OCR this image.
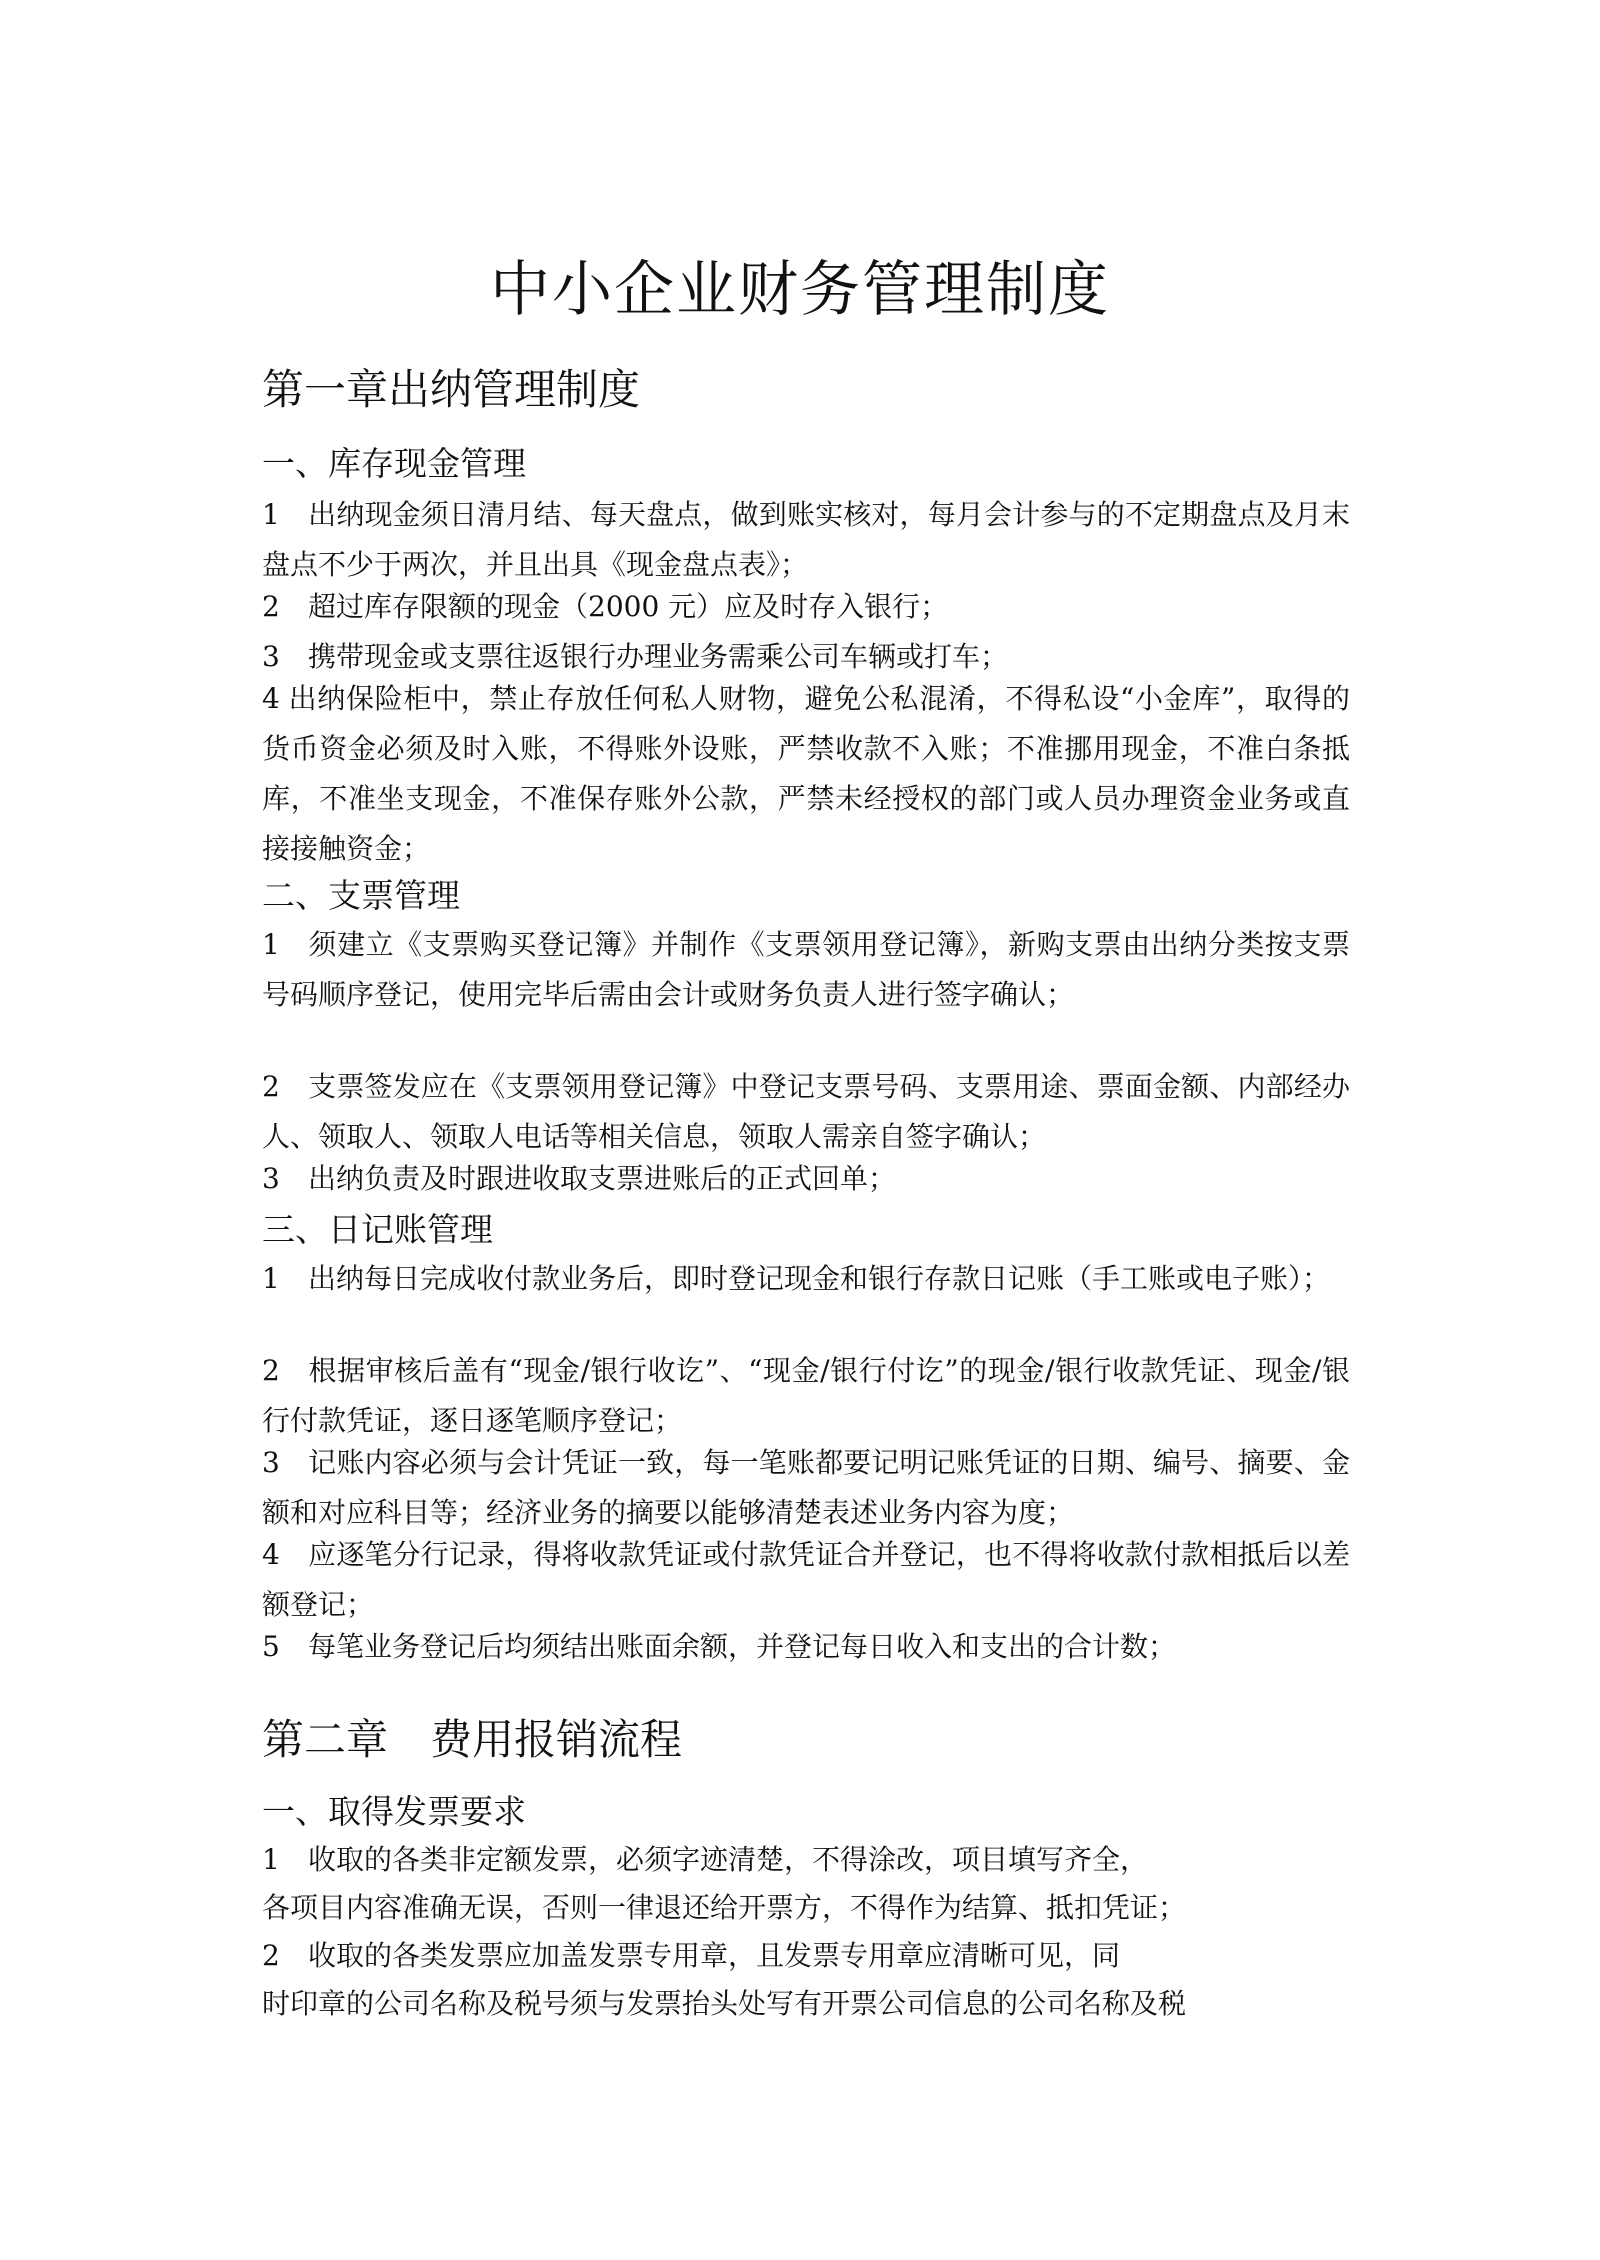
中小企业财务管理制度
第一章出纳管理制度
一、库存现金管理
1 出纳现金须日清月结、每天盘点，做到账实核对，每月会计参与的不定期盘点及月末盘点不少于两次，并且出具《现金盘点表》；
2 超过库存限额的现金（2000 元）应及时存入银行；
3 携带现金或支票往返银行办理业务需乘公司车辆或打车；
4 出纳保险柜中，禁止存放任何私人财物，避免公私混淆，不得私设“小金库”，取得的货币资金必须及时入账，不得账外设账，严禁收款不入账；不准挪用现金，不准白条抵库，不准坐支现金，不准保存账外公款，严禁未经授权的部门或人员办理资金业务或直接接触资金；
二、支票管理
1 须建立《支票购买登记簿》并制作《支票领用登记簿》，新购支票由出纳分类按支票号码顺序登记，使用完毕后需由会计或财务负责人进行签字确认；
2 支票签发应在《支票领用登记簿》中登记支票号码、支票用途、票面金额、内部经办人、领取人、领取人电话等相关信息，领取人需亲自签字确认；
3 出纳负责及时跟进收取支票进账后的正式回单；
三、日记账管理
1 出纳每日完成收付款业务后，即时登记现金和银行存款日记账（手工账或电子账）；
2 根据审核后盖有“现金/银行收讫”、“现金/银行付讫”的现金/银行收款凭证、现金/银行付款凭证，逐日逐笔顺序登记；
3 记账内容必须与会计凭证一致，每一笔账都要记明记账凭证的日期、编号、摘要、金额和对应科目等；经济业务的摘要以能够清楚表述业务内容为度；
4 应逐笔分行记录，得将收款凭证或付款凭证合并登记，也不得将收款付款相抵后以差额登记；
5 每笔业务登记后均须结出账面余额，并登记每日收入和支出的合计数；
第二章 费用报销流程
一、取得发票要求
1 收取的各类非定额发票，必须字迹清楚，不得涂改，项目填写齐全，
各项目内容准确无误，否则一律退还给开票方，不得作为结算、抵扣凭证；
2 收取的各类发票应加盖发票专用章，且发票专用章应清晰可见，同
时印章的公司名称及税号须与发票抬头处写有开票公司信息的公司名称及税
